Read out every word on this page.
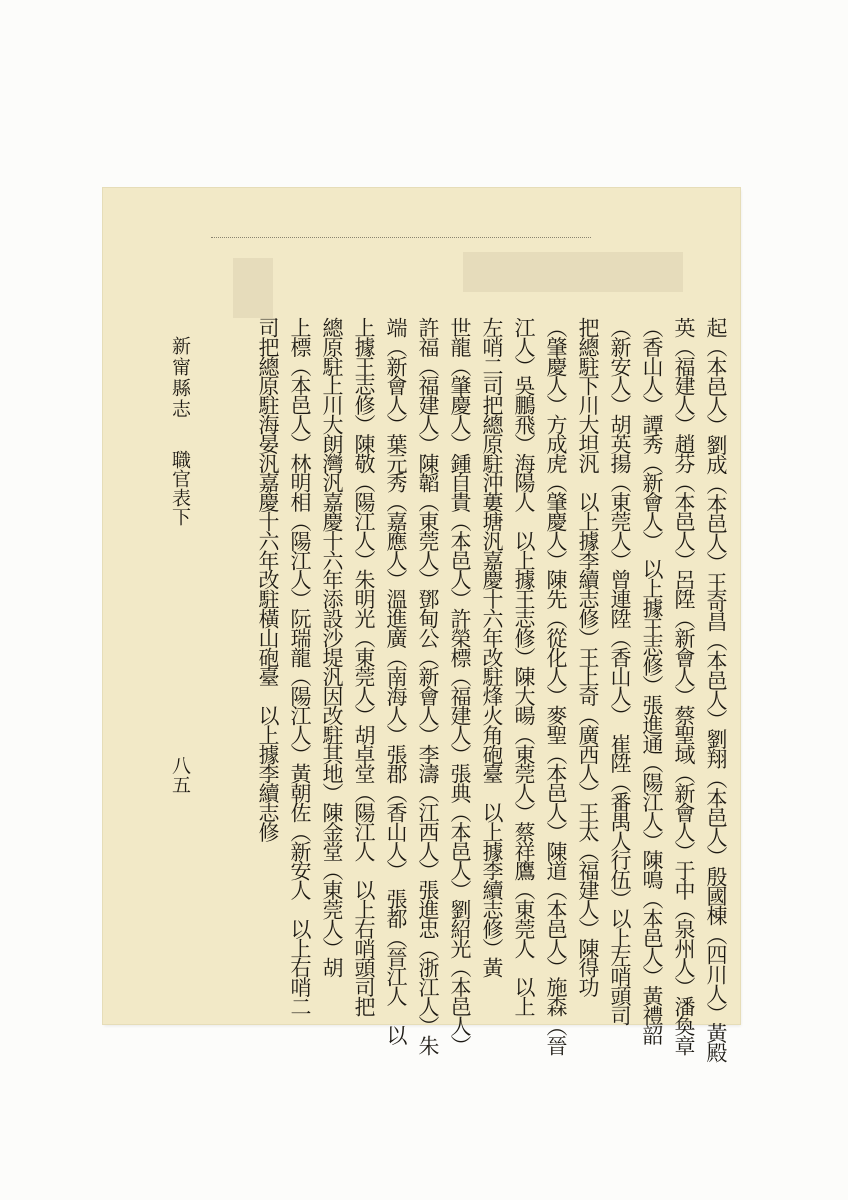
起（本邑人）劉成（本邑人）王奇昌（本邑人）劉翔（本邑人）殷國棟（四川人）黃殿
英（福建人）趙芬（本邑人）呂陞（新會人）蔡聖域（新會人）于中（泉州人）潘奐章
（香山人）譚秀（新會人）　以上據王志修）張進通（陽江人）陳鳴（本邑人）黃禮韶
（新安人）胡英揚（東莞人）曾連陞（香山人）　崔陞（番禺人行伍）以上左哨頭司
把總駐下川大坦汎　以上據李續志修）王上奇（廣西人）王太（福建人）陳得功
（肇慶人）方成虎（肇慶人）陳先（從化人）麥聖（本邑人）陳道（本邑人）施森（晉
江人）吳鵬飛）海陽人　以上據王志修）陳大暘（東莞人）蔡祥鷹（東莞人　以上
左哨二司把總原駐沖蔞塘汎嘉慶十六年改駐烽火角砲臺　以上據李續志修）黃
世龍（肇慶人）鍾自貴（本邑人）許榮標（福建人）張典（本邑人）劉紹光（本邑人）
許福（福建人）陳韜（東莞人）鄧甸公（新會人）李濤（江西人）張進忠（浙江人）朱
端（新會人）葉元秀（嘉應人）溫進廣（南海人）張郡（香山人）　張都（晉江人　以
上據王志修）陳敬（陽江人）朱明光（東莞人）胡卓堂（陽江人　以上右哨頭司把
總原駐上川大朗灣汎嘉慶十六年添設沙堤汎因改駐其地）陳金堂（東莞人）胡
上標（本邑人）林明相（陽江人）阮瑞龍（陽江人）黃朝佐（新安人　以上右哨二
司把總原駐海晏汎嘉慶十六年改駐橫山砲臺　以上據李續志修
新甯縣志
職官表下
八五
